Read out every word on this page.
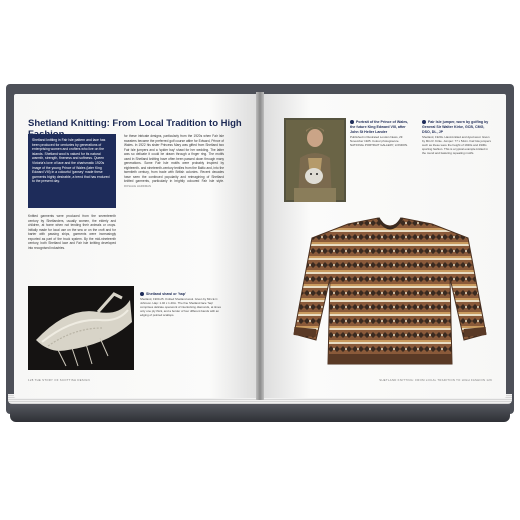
Shetland Knitting: From Local Tradition to High
Shetland knitting in Fair Isle pattern and lace has been produced for centuries by generations of enterprising women and crofters who live on the islands. Shetland wool is valued for its natural warmth, strength, fineness and softness. Queen Victoria's love of lace and the charismatic 1920s image of the young Prince of Wales (later King Edward VIII) in a colourful 'gansey' made these garments highly desirable, a trend that has endured to the present day.
Knitted garments were produced from the seventeenth century by Shetlanders, usually women, the elderly and children, at home when not tending their animals or crops. Initially made for local use on the sea or on the croft and for barter with passing ships, garments were increasingly exported as part of the truck system. By the mid-nineteenth century, both Shetland lace and Fair Isle knitting developed into recognised industries.
for these intricate designs, particularly from the 1920s when Fair Isle sweaters became the preferred golf course attire for Edward, Prince of Wales. In 1922 his sister Princess Mary was gifted from Shetland two Fair Isle jumpers and a 'spider bay' shawl for her wedding. The latter was so delicate it could be drawn through a finger ring. The motifs used in Shetland knitting have often been passed down through many generations. Some Fair Isle motifs were probably inspired by eighteenth- and nineteenth-century textiles from the Baltic and, into the twentieth century, from trade with British colonies. Recent decades have seen the continued popularity and reimagining of Shetland knitted garments, particularly in brightly coloured Fair Isle style. ROSALIE HARDMAN
Shetland shawl or 'hap'
Shetland, 1900-25. Knitted Shetland wool. Given by Mrs E.C. Johnson. Hap: 1.40 x 1.40m. The fine Shetland lace 'hap' comprises delicate openwork of interlocking diamonds, at times only one ply thick, and a border of four different bands with an edging of pointed scallops.
128 THE STORY OF SCOTTISH DESIGN
Portrait of the Prince of Wales, the future King Edward VIII, after John St Helier Lander
Published in Illustrated London News, 29 November 1925. Colour photogravure. NATIONAL PORTRAIT GALLERY, LONDON.
Fair Isle jumper, worn by golfing by General Sir Walter Kirke, GCB, CMG, DSO, DL, JP
Shetland, 1920s. Hand-knitted and dyed wool. Given by Mrs R. Kirke. Jumper: 77 x 54cm. Fair Isle jumpers such as these were the height of 1920s and 1930s sporting fashion. This is a typical example knitted in the round and featuring repeating motifs.
SHETLAND KNITTING: FROM LOCAL TRADITION TO HIGH FASHION 129
